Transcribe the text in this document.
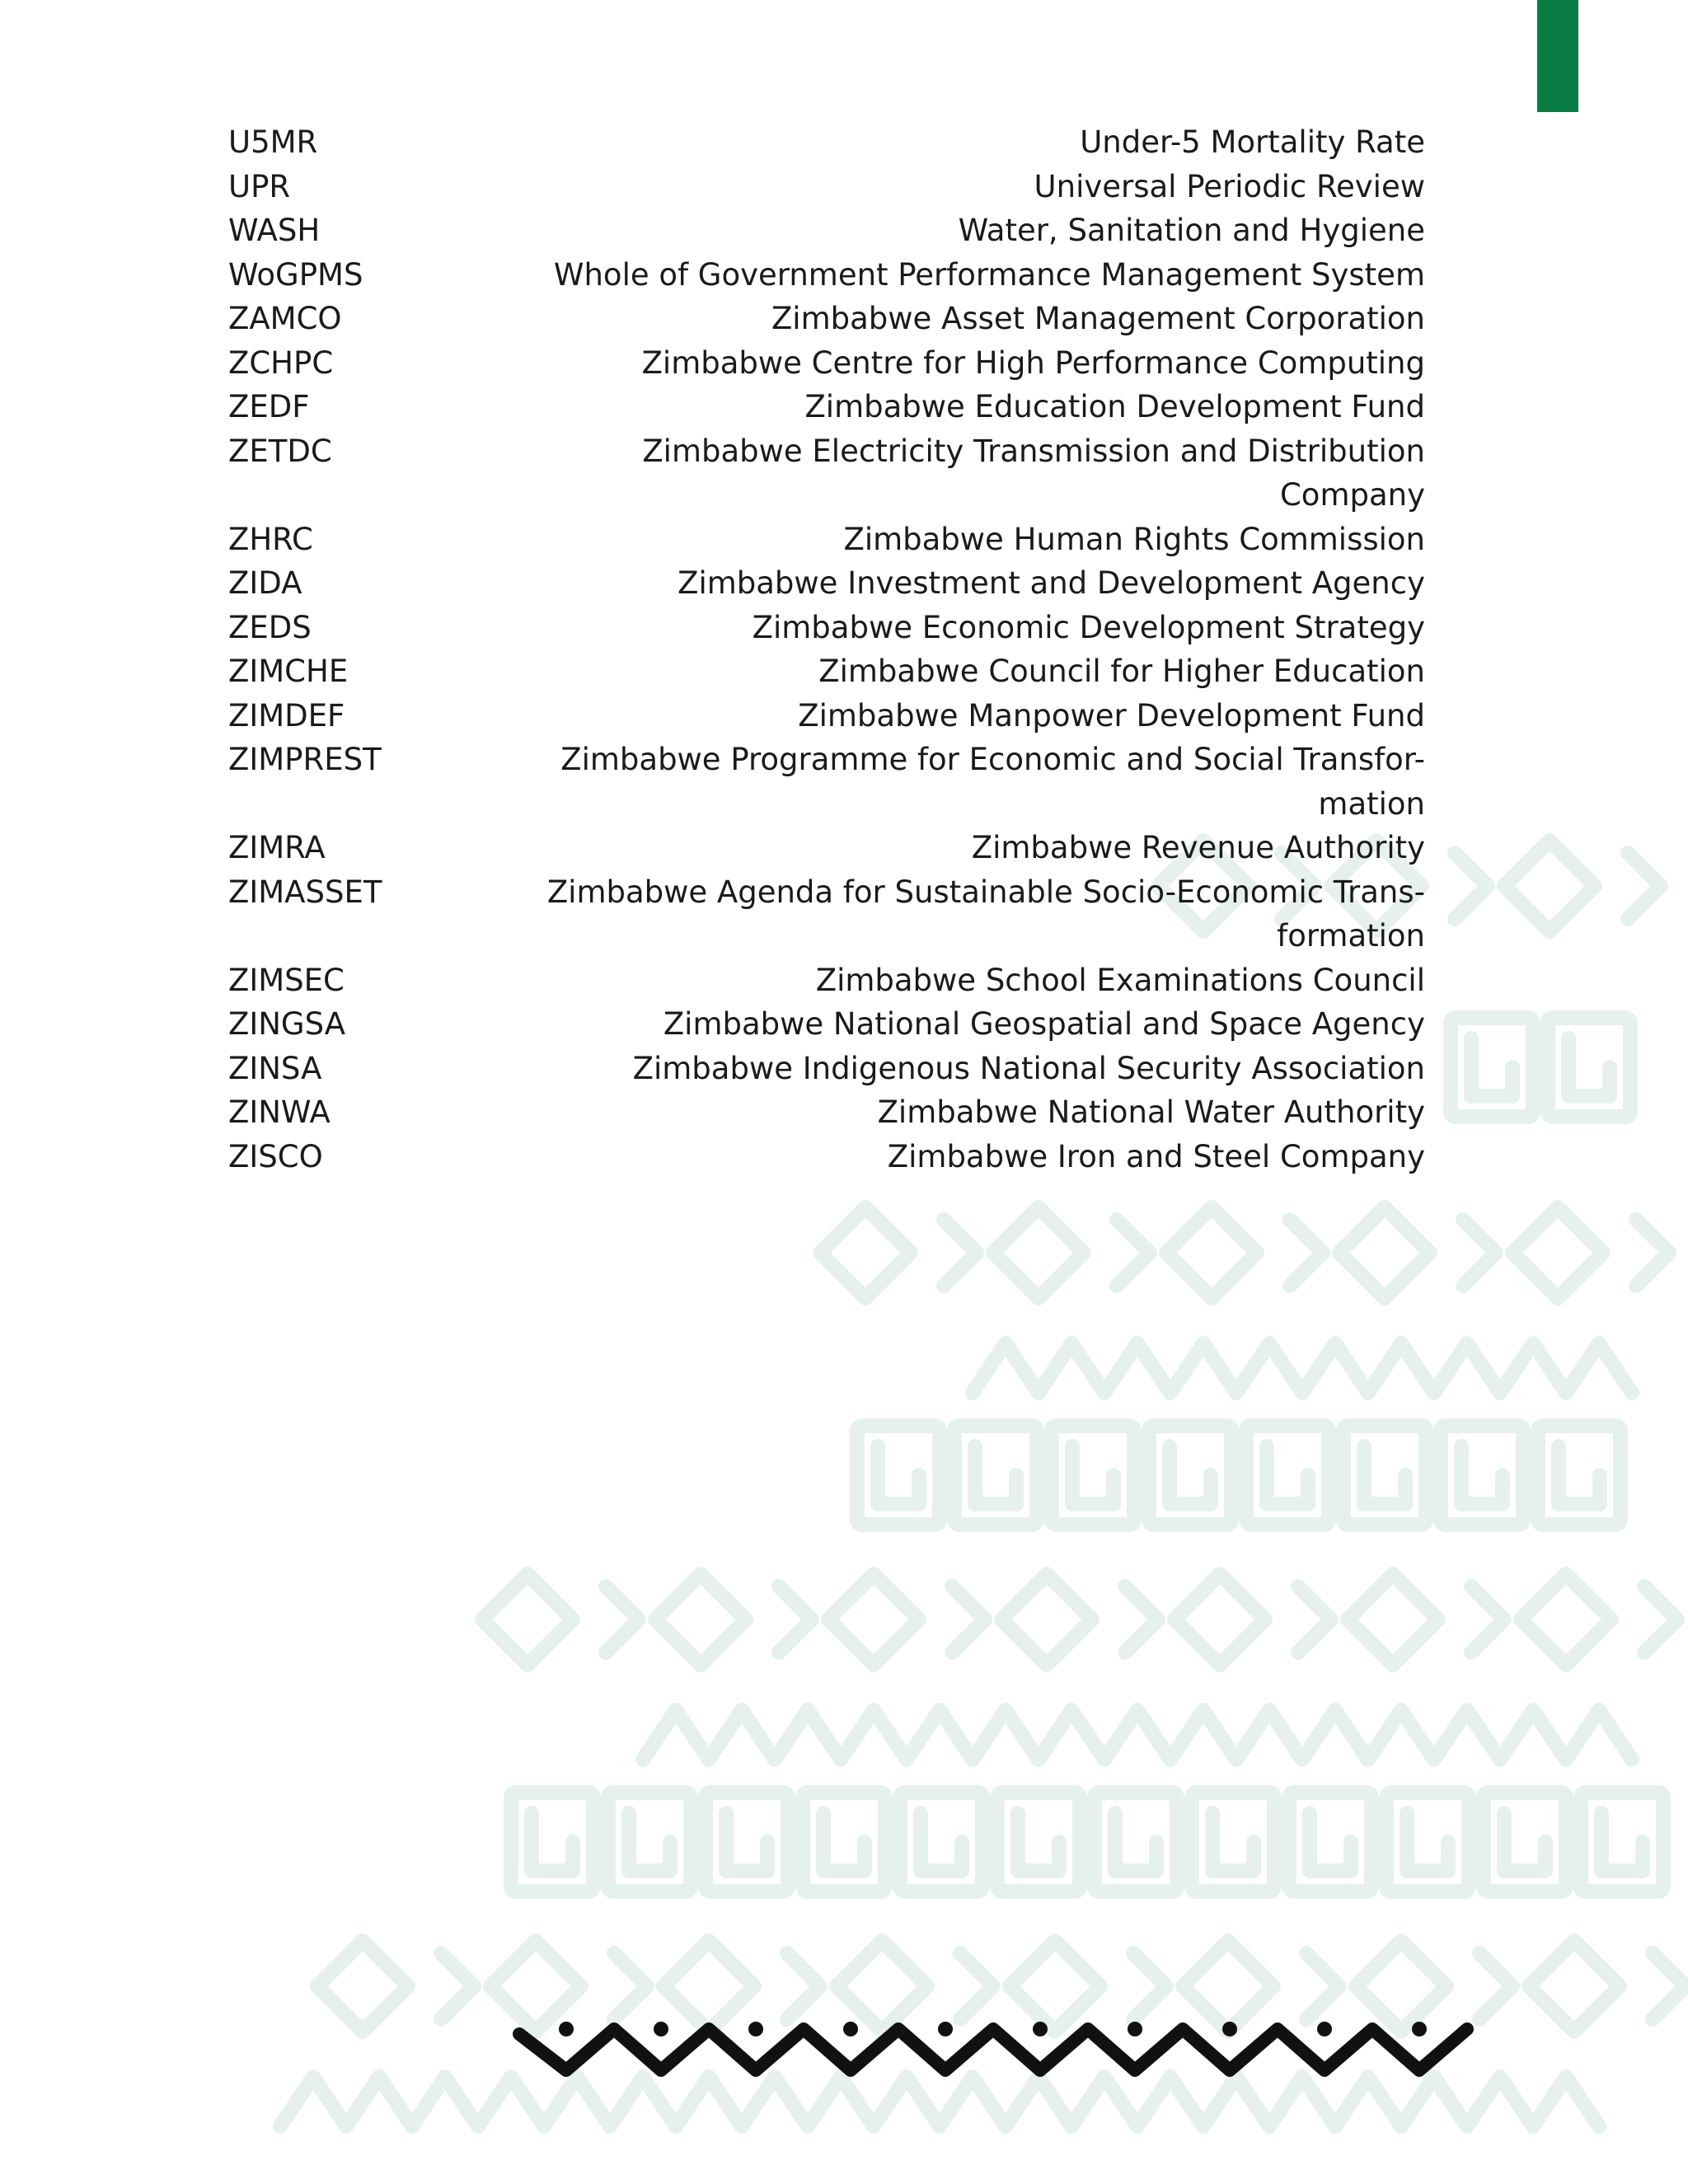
U5MR	Under-5 Mortality Rate
UPR	Universal Periodic Review
WASH	Water, Sanitation and Hygiene
WoGPMS	Whole of Government Performance Management System
ZAMCO	Zimbabwe Asset Management Corporation
ZCHPC	Zimbabwe Centre for High Performance Computing
ZEDF	Zimbabwe Education Development Fund
ZETDC	Zimbabwe Electricity Transmission and Distribution
Company
ZHRC	Zimbabwe Human Rights Commission
ZIDA	Zimbabwe Investment and Development Agency
ZEDS	Zimbabwe Economic Development Strategy
ZIMCHE	Zimbabwe Council for Higher Education
ZIMDEF	Zimbabwe Manpower Development Fund
ZIMPREST	Zimbabwe Programme for Economic and Social Transfor-
mation
ZIMRA	Zimbabwe Revenue Authority
ZIMASSET	Zimbabwe Agenda for Sustainable Socio-Economic Trans-
formation
ZIMSEC	Zimbabwe School Examinations Council
ZINGSA	Zimbabwe National Geospatial and Space Agency
ZINSA	Zimbabwe Indigenous National Security Association
ZINWA	Zimbabwe National Water Authority
ZISCO	Zimbabwe Iron and Steel Company
